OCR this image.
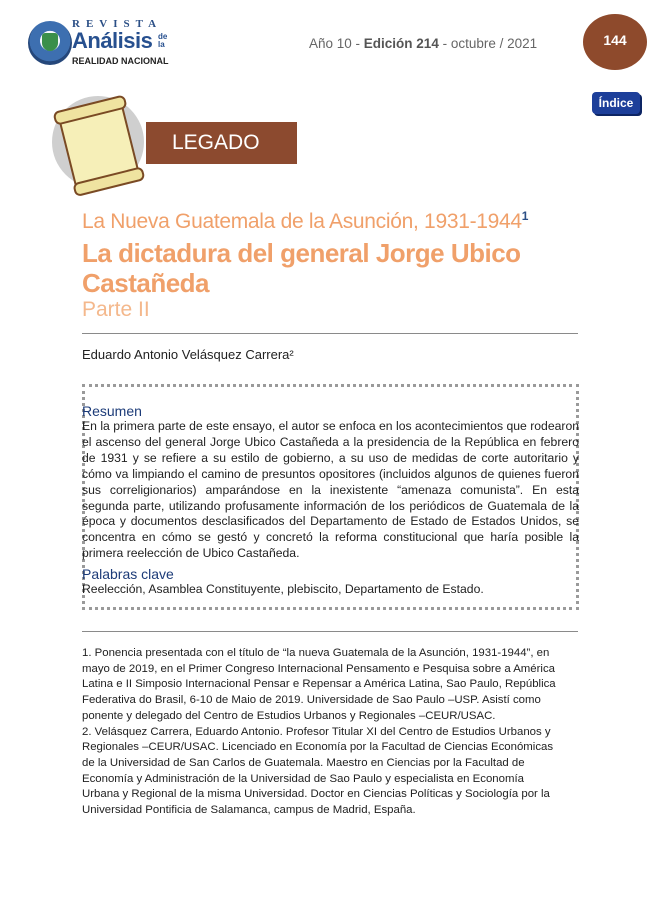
REVISTA
Análisis de la
REALIDAD NACIONAL
Año 10 - Edición 214 - octubre / 2021	144
Índice
LEGADO
La Nueva Guatemala de la Asunción, 1931-1944$^1$
La dictadura del general Jorge Ubico Castañeda
Parte II
Eduardo Antonio Velásquez Carrera²
Resumen
En la primera parte de este ensayo, el autor se enfoca en los acontecimientos que rodearon el ascenso del general Jorge Ubico Castañeda a la presidencia de la República en febrero de 1931 y se refiere a su estilo de gobierno, a su uso de medidas de corte autoritario y cómo va limpiando el camino de presuntos opositores (incluidos algunos de quienes fueron sus correligionarios) amparándose en la inexistente “amenaza comunista”. En esta segunda parte, utilizando profusamente información de los periódicos de Guatemala de la época y documentos desclasificados del Departamento de Estado de Estados Unidos, se concentra en cómo se gestó y concretó la reforma constitucional que haría posible la primera reelección de Ubico Castañeda.
Palabras clave
Reelección, Asamblea Constituyente, plebiscito, Departamento de Estado.

1. Ponencia presentada con el título de “la nueva Guatemala de la Asunción, 1931-1944”, en mayo de 2019, en el Primer Congreso Internacional Pensamento e Pesquisa sobre a América Latina e II Simposio Internacional Pensar e Repensar a América Latina, Sao Paulo, República Federativa do Brasil, 6-10 de Maio de 2019. Universidade de Sao Paulo –USP. Asistí como ponente y delegado del Centro de Estudios Urbanos y Regionales –CEUR/USAC.

2. Velásquez Carrera, Eduardo Antonio. Profesor Titular XI del Centro de Estudios Urbanos y Regionales –CEUR/USAC. Licenciado en Economía por la Facultad de Ciencias Económicas de la Universidad de San Carlos de Guatemala. Maestro en Ciencias por la Facultad de Economía y Administración de la Universidad de Sao Paulo y especialista en Economía Urbana y Regional de la misma Universidad. Doctor en Ciencias Políticas y Sociología por la Universidad Pontificia de Salamanca, campus de Madrid, España.
